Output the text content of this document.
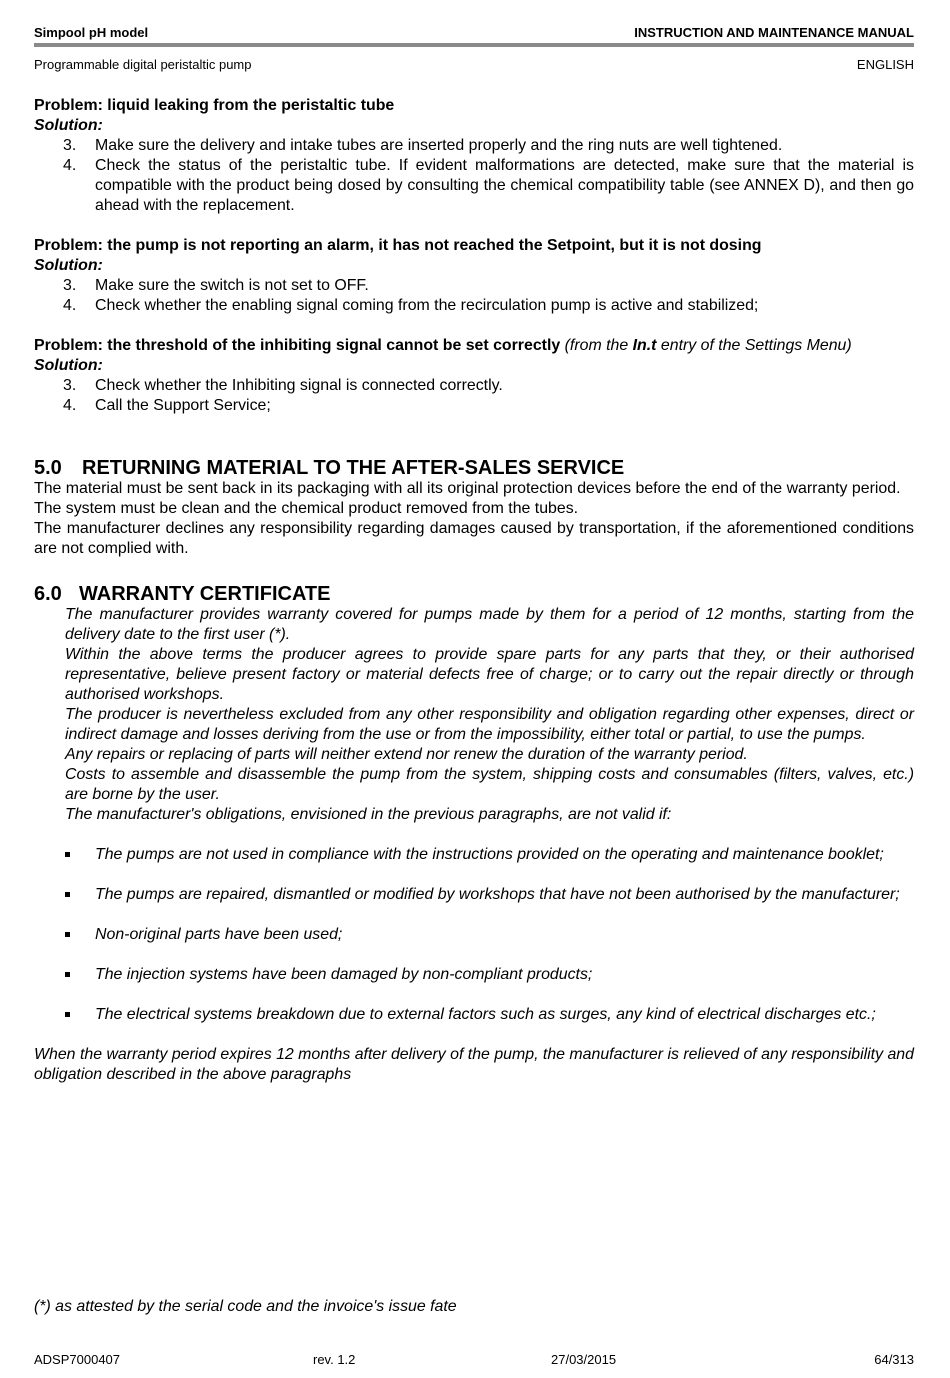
Simpool pH model	INSTRUCTION AND MAINTENANCE MANUAL
Programmable digital peristaltic pump	ENGLISH

Problem: liquid leaking from the peristaltic tube

Solution:

3. Make sure the delivery and intake tubes are inserted properly and the ring nuts are well tightened.
4. Check the status of the peristaltic tube. If evident malformations are detected, make sure that the material is compatible with the product being dosed by consulting the chemical compatibility table (see ANNEX D), and then go ahead with the replacement.

Problem: the pump is not reporting an alarm, it has not reached the Setpoint, but it is not dosing

Solution:

3. Make sure the switch is not set to OFF.
4. Check whether the enabling signal coming from the recirculation pump is active and stabilized;

Problem: the threshold of the inhibiting signal cannot be set correctly (from the In.t entry of the Settings Menu)

Solution:

3. Check whether the Inhibiting signal is connected correctly.
4. Call the Support Service;
5.0 RETURNING MATERIAL TO THE AFTER-SALES SERVICE

The material must be sent back in its packaging with all its original protection devices before the end of the warranty period.

The system must be clean and the chemical product removed from the tubes.

The manufacturer declines any responsibility regarding damages caused by transportation, if the aforementioned conditions are not complied with.

6.0 WARRANTY CERTIFICATE

The manufacturer provides warranty covered for pumps made by them for a period of 12 months, starting from the delivery date to the first user (*).

Within the above terms the producer agrees to provide spare parts for any parts that they, or their authorised representative, believe present factory or material defects free of charge; or to carry out the repair directly or through authorised workshops.

The producer is nevertheless excluded from any other responsibility and obligation regarding other expenses, direct or indirect damage and losses deriving from the use or from the impossibility, either total or partial, to use the pumps.

Any repairs or replacing of parts will neither extend nor renew the duration of the warranty period.

Costs to assemble and disassemble the pump from the system, shipping costs and consumables (filters, valves, etc.) are borne by the user.

The manufacturer's obligations, envisioned in the previous paragraphs, are not valid if:

The pumps are not used in compliance with the instructions provided on the operating and maintenance booklet;
The pumps are repaired, dismantled or modified by workshops that have not been authorised by the manufacturer;
Non-original parts have been used;
The injection systems have been damaged by non-compliant products;
The electrical systems breakdown due to external factors such as surges, any kind of electrical discharges etc.;

When the warranty period expires 12 months after delivery of the pump, the manufacturer is relieved of any responsibility and obligation described in the above paragraphs

(*) as attested by the serial code and the invoice's issue fate
ADSP7000407	rev. 1.2	27/03/2015	64/313
